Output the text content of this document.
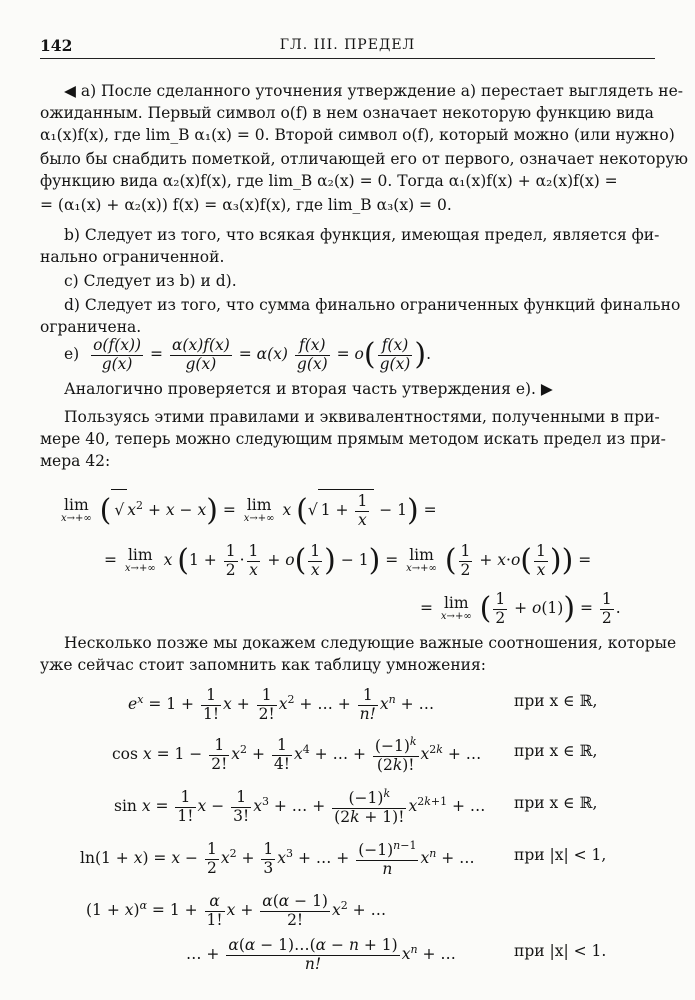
142	ГЛ. III. ПРЕДЕЛ
◀ a) После сделанного уточнения утверждение a) перестает выглядеть не-
ожиданным. Первый символ o(f) в нем означает некоторую функцию вида
α₁(x)f(x), где lim_B α₁(x) = 0. Второй символ o(f), который можно (или нужно)
было бы снабдить пометкой, отличающей его от первого, означает некоторую
функцию вида α₂(x)f(x), где lim_B α₂(x) = 0. Тогда α₁(x)f(x) + α₂(x)f(x) =
= (α₁(x) + α₂(x)) f(x) = α₃(x)f(x), где lim_B α₃(x) = 0.
b) Следует из того, что всякая функция, имеющая предел, является фи-
нально ограниченной.
c) Следует из b) и d).
d) Следует из того, что сумма финально ограниченных функций финально
ограничена.
$e) \frac{o(f(x))}{g(x)} = \frac{\alpha(x)f(x)}{g(x)} = \alpha(x) \frac{f(x)}{g(x)} = o( \frac{f(x)}{g(x)}$ ).
Аналогично проверяется и вторая часть утверждения e). ▶
Пользуясь этими правилами и эквивалентностями, полученными в при-
мере 40, теперь можно следующим прямым методом искать предел из при-
мера 42:
lim
x→+∞ ( √ $x^2 + x - x) = \lim$
x→+∞ x (√ $1 + \frac{1}{x} - 1$) =
= lim
x→+∞ x ($1 + \frac{1}{2} \cdot \frac{1}{x} + o( \frac{1}{x}$ ) − 1) = lim
x→+∞ ( $\frac{1}{2} + x\cdot o( \frac{1}{x}$ )) =
= lim
x→+∞ ( $\frac{1}{2} + o(1)) = \frac{1}{2}$ .
Несколько позже мы докажем следующие важные соотношения, которые
уже сейчас стоит запомнить как таблицу умножения:
$e^x = 1 + \frac{1}{1!}$ $x + \frac{1}{2!} x^2$ + … + $\frac{1}{n!} x^n$ + …	при x ∈ ℝ,
$\cos x = 1 - \frac{1}{2!} x^2 + \frac{1}{4!} x^4$ + … + $\frac{(-1)^k}{(2k)!} x^{2k}$ + … при x ∈ ℝ,
$\sin x = \frac{1}{1!}$ $x - \frac{1}{3!} x^3$ + … + $\frac{(-1)^k}{(2k + 1)!} x^{2k+1}$ + … при x ∈ ℝ,
$\ln(1 + x) = x - \frac{1}{2} x^2 + \frac{1}{3} x^3$ + … + $\frac{(-1)^{n-1}}{n} x^n$ + …	при |x| < 1,
$(1 + x)^\alpha = 1 + \frac{\alpha}{1!}$ $x + \frac{\alpha(\alpha - 1)}{2!} x^2$ + …
… + $\frac{\alpha(\alpha - 1)\dots(\alpha - n + 1)}{n!} x^n$ + …	при |x| < 1.
